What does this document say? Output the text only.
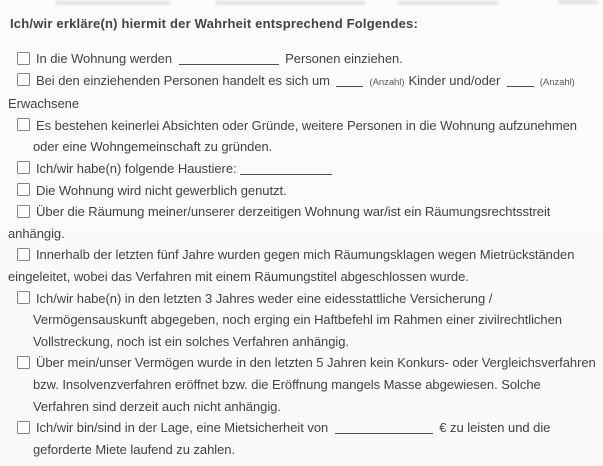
Ich/wir erkläre(n) hiermit der Wahrheit entsprechend Folgendes:
In die Wohnung werden	Personen einziehen.
Bei den einziehenden Personen handelt es sich um	(Anzahl) Kinder und/oder	(Anzahl)
Erwachsene
Es bestehen keinerlei Absichten oder Gründe, weitere Personen in die Wohnung aufzunehmen
oder eine Wohngemeinschaft zu gründen.
Ich/wir habe(n) folgende Haustiere:
Die Wohnung wird nicht gewerblich genutzt.
Über die Räumung meiner/unserer derzeitigen Wohnung war/ist ein Räumungsrechtsstreit
anhängig.
Innerhalb der letzten fünf Jahre wurden gegen mich Räumungsklagen wegen Mietrückständen
eingeleitet, wobei das Verfahren mit einem Räumungstitel abgeschlossen wurde.
Ich/wir habe(n) in den letzten 3 Jahres weder eine eidesstattliche Versicherung /
Vermögensauskunft abgegeben, noch erging ein Haftbefehl im Rahmen einer zivilrechtlichen
Vollstreckung, noch ist ein solches Verfahren anhängig.
Über mein/unser Vermögen wurde in den letzten 5 Jahren kein Konkurs- oder Vergleichsverfahren
bzw. Insolvenzverfahren eröffnet bzw. die Eröffnung mangels Masse abgewiesen. Solche
Verfahren sind derzeit auch nicht anhängig.
Ich/wir bin/sind in der Lage, eine Mietsicherheit von	€ zu leisten und die
geforderte Miete laufend zu zahlen.
